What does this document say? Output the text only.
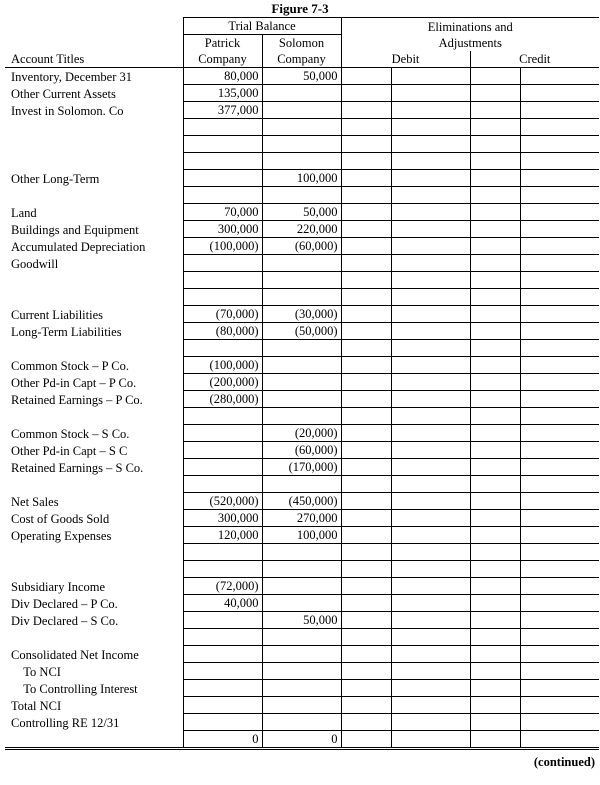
Figure 7-3
	Trial Balance		Eliminations and			
	Patrick	Solomon	Adjustments			
Account Titles	Company	Company	Debit		Credit	
Inventory, December 31	80,000	50,000				
Other Current Assets	135,000					
Invest in Solomon. Co	377,000					

Other Long-Term		100,000				

Land	70,000	50,000				
Buildings and Equipment	300,000	220,000				
Accumulated Depreciation	(100,000)	(60,000)				
Goodwill						

Current Liabilities	(70,000)	(30,000)				
Long-Term Liabilities	(80,000)	(50,000)				

Common Stock – P Co.	(100,000)					
Other Pd-in Capt – P Co.	(200,000)					
Retained Earnings – P Co.	(280,000)					

Common Stock – S Co.		(20,000)				
Other Pd-in Capt – S C		(60,000)				
Retained Earnings – S Co.		(170,000)				

Net Sales	(520,000)	(450,000)				
Cost of Goods Sold	300,000	270,000				
Operating Expenses	120,000	100,000				

Subsidiary Income	(72,000)					
Div Declared – P Co.	40,000					
Div Declared – S Co.		50,000				

Consolidated Net Income						
To NCI						
To Controlling Interest						
Total NCI						
Controlling RE 12/31						
	0	0				
(continued)
